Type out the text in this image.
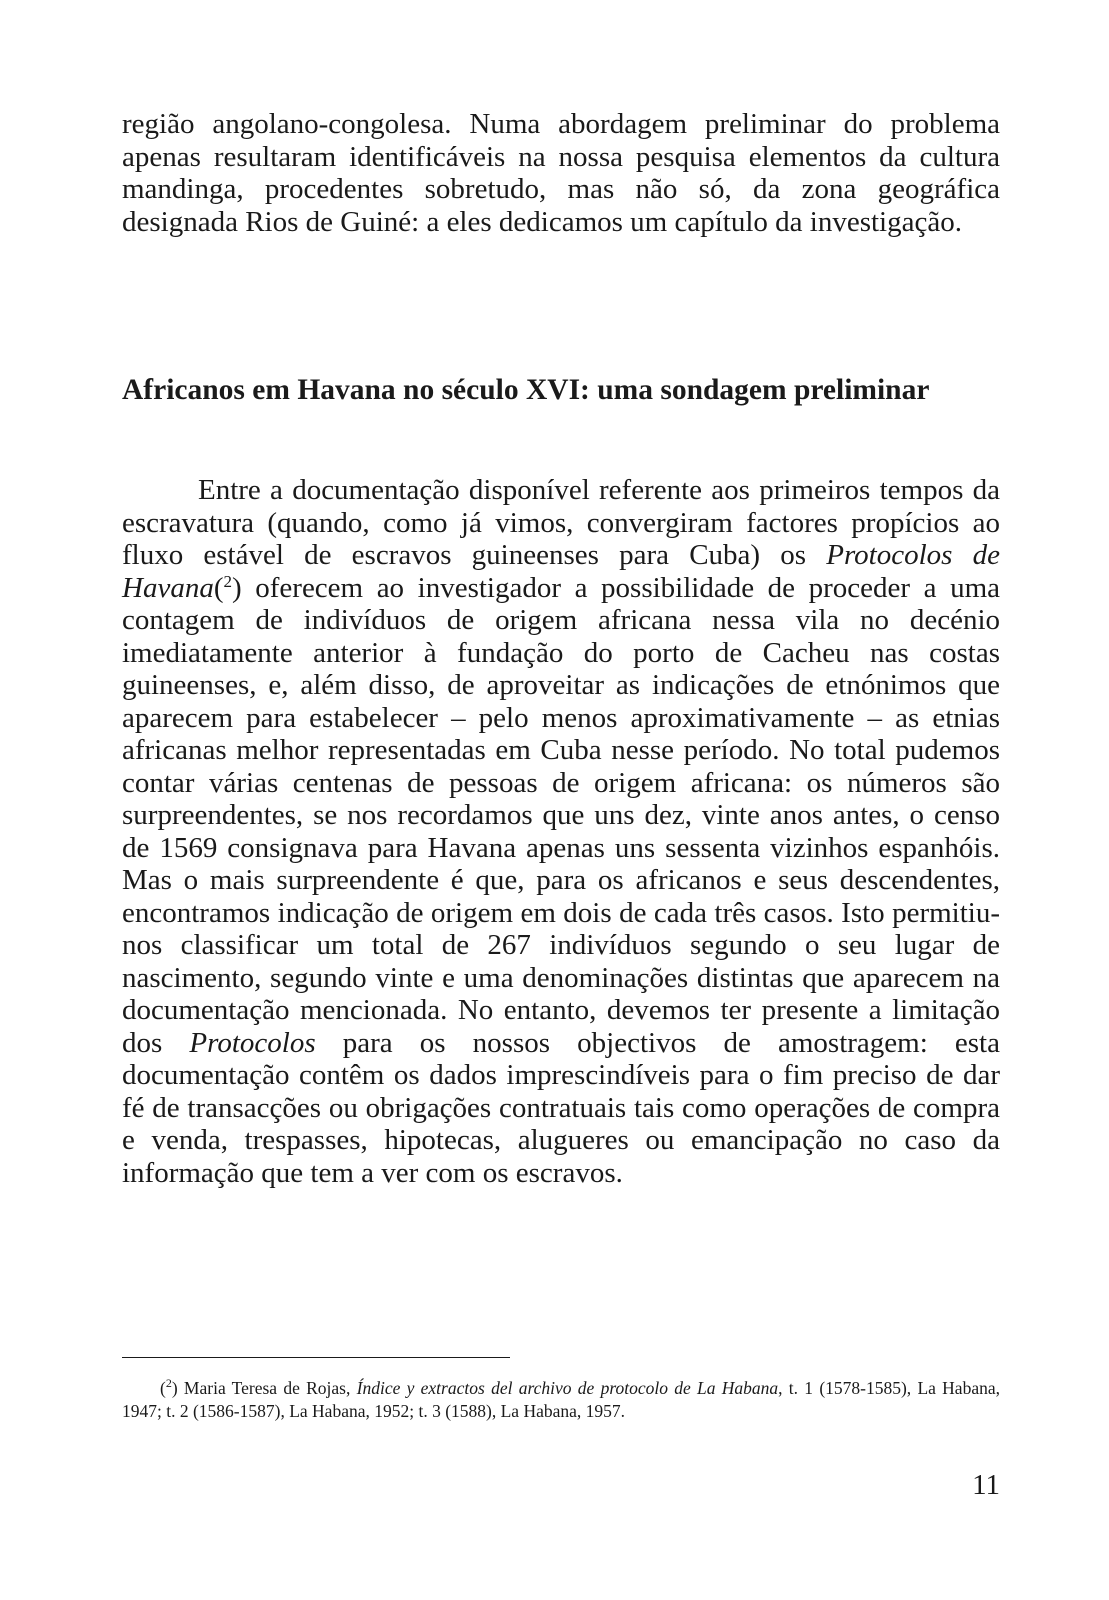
região angolano-congolesa. Numa abordagem preliminar do problema apenas resultaram identificáveis na nossa pesquisa elementos da cultura mandinga, procedentes sobretudo, mas não só, da zona geográfica designada Rios de Guiné: a eles dedicamos um capítulo da investigação.

Africanos em Havana no século XVI: uma sondagem preliminar

Entre a documentação disponível referente aos primeiros tempos da escravatura (quando, como já vimos, convergiram factores propícios ao fluxo estável de escravos guineenses para Cuba) os Protocolos de Havana($^2$) oferecem ao investigador a possibilidade de proceder a uma contagem de indivíduos de origem africana nessa vila no decénio imediatamente anterior à fundação do porto de Cacheu nas costas guineenses, e, além disso, de aproveitar as indicações de etnónimos que aparecem para estabelecer – pelo menos aproximativamente – as etnias africanas melhor representadas em Cuba nesse período. No total pudemos contar várias centenas de pessoas de origem africana: os números são surpreendentes, se nos recordamos que uns dez, vinte anos antes, o censo de 1569 consignava para Havana apenas uns sessenta vizinhos espanhóis. Mas o mais surpreendente é que, para os africanos e seus descendentes, encontramos indicação de origem em dois de cada três casos. Isto permitiu-nos classificar um total de 267 indivíduos segundo o seu lugar de nascimento, segundo vinte e uma denominações distintas que aparecem na documentação mencionada. No entanto, devemos ter presente a limitação dos Protocolos para os nossos objectivos de amostragem: esta documentação contêm os dados imprescindíveis para o fim preciso de dar fé de transacções ou obrigações contratuais tais como operações de compra e venda, trespasses, hipotecas, alugueres ou emancipação no caso da informação que tem a ver com os escravos.

($^2$) Maria Teresa de Rojas, Índice y extractos del archivo de protocolo de La Habana, t. 1 (1578-1585), La Habana, 1947; t. 2 (1586-1587), La Habana, 1952; t. 3 (1588), La Habana, 1957.

11
